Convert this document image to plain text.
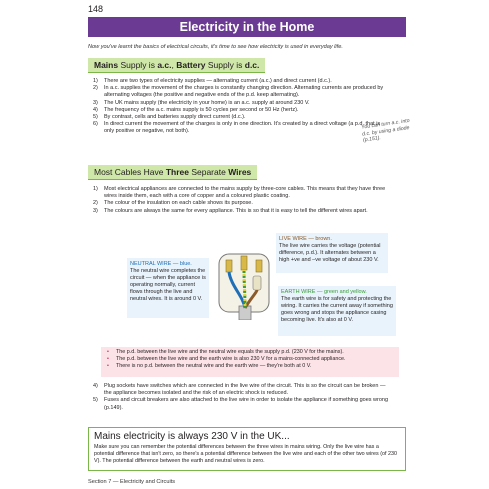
148
Electricity in the Home
Now you've learnt the basics of electrical circuits, it's time to see how electricity is used in everyday life.
Mains Supply is a.c., Battery Supply is d.c.
1)	There are two types of electricity supplies — alternating current (a.c.) and direct current (d.c.).
2)	In a.c. supplies the movement of the charges is constantly changing direction. Alternating currents are produced by alternating voltages (the positive and negative ends of the p.d. keep alternating).
3)	The UK mains supply (the electricity in your home) is an a.c. supply at around 230 V.
4)	The frequency of the a.c. mains supply is 50 cycles per second or 50 Hz (hertz).
5)	By contrast, cells and batteries supply direct current (d.c.).
6)	In direct current the movement of the charges is only in one direction. It's created by a direct voltage (a p.d. that is only positive or negative, not both).
You can turn a.c. into d.c. by using a diode (p.151).
Most Cables Have Three Separate Wires
1)	Most electrical appliances are connected to the mains supply by three-core cables. This means that they have three wires inside them, each with a core of copper and a coloured plastic coating.
2)	The colour of the insulation on each cable shows its purpose.
3)	The colours are always the same for every appliance. This is so that it is easy to tell the different wires apart.
NEUTRAL WIRE — blue.
The neutral wire completes the circuit — when the appliance is operating normally, current flows through the live and neutral wires. It is around 0 V.
LIVE WIRE — brown.
The live wire carries the voltage (potential difference, p.d.). It alternates between a high +ve and –ve voltage of about 230 V.
EARTH WIRE — green and yellow.
The earth wire is for safety and protecting the wiring. It carries the current away if something goes wrong and stops the appliance casing becoming live. It's also at 0 V.
•	The p.d. between the live wire and the neutral wire equals the supply p.d. (230 V for the mains).
•	The p.d. between the live wire and the earth wire is also 230 V for a mains-connected appliance.
•	There is no p.d. between the neutral wire and the earth wire — they're both at 0 V.
4)	Plug sockets have switches which are connected in the live wire of the circuit. This is so the circuit can be broken — the appliance becomes isolated and the risk of an electric shock is reduced.
5)	Fuses and circuit breakers are also attached to the live wire in order to isolate the appliance if something goes wrong (p.149).
Mains electricity is always 230 V in the UK...
Make sure you can remember the potential differences between the three wires in mains wiring. Only the live wire has a potential difference that isn't zero, so there's a potential difference between the live wire and each of the other two wires (of 230 V). The potential difference between the earth and neutral wires is zero.
Section 7 — Electricity and Circuits
